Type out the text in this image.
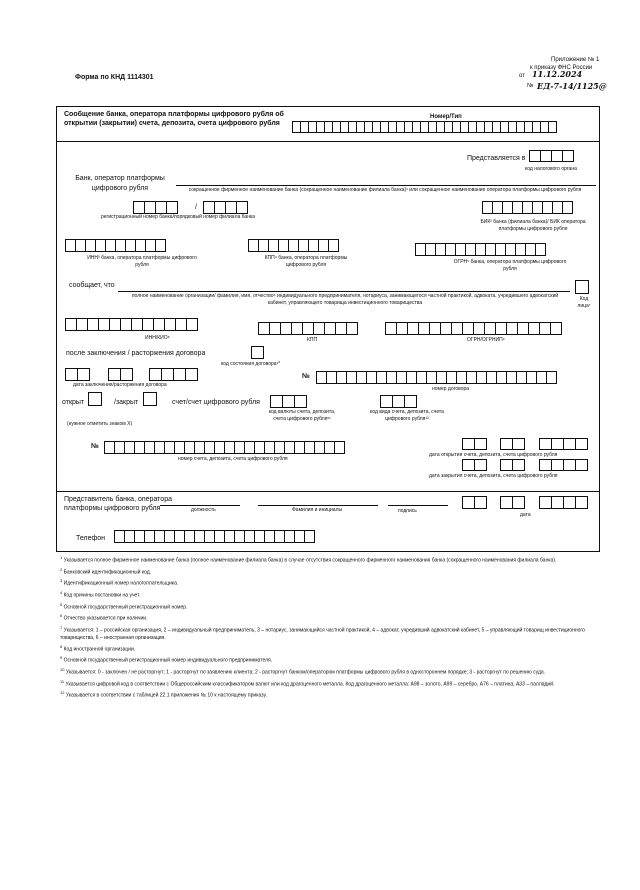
Форма по КНД 1114301
Приложение № 1
к приказу ФНС России
от 11.12.2024
№ ЕД-7-14/1125@
Сообщение банка, оператора платформы цифрового рубля об открытии (закрытии) счета, депозита, счета цифрового рубля
Номер/Тип
Представляется в
код налогового органа
Банк, оператор платформы цифрового рубля	сокращенное фирменное наименование банка (сокращенное наименование филиала банка)¹ или сокращенное наименование оператора платформы цифрового рубля
/
регистрационный номер банка/порядковый номер филиала банка
БИК² банка (филиала банка)/ БИК оператора платформы цифрового рубля
ИНН³ банка, оператора платформы цифрового рубля
КПП⁴ банка, оператора платформы цифрового рубля	ОГРН⁵ банка, оператора платформы цифрового рубля
сообщает, что
полное наименование организации/ фамилия, имя, отчество⁶ индивидуального предпринимателя, нотариуса, занимающегося частной практикой, адвоката, учредившего адвокатский кабинет, управляющего товарища инвестиционного товарищества
Код лица⁷
ИНН/КИО⁸	КПП	ОГРН/ОГРНИП⁹
после заключения / расторжения договора
код состояния договора¹⁰
дата заключения/расторжения договора
№
номер договора
открыт	/закрыт
(нужное отметить знаком Х)
счет/счет цифрового рубля
код валюты счета, депозита, счета цифрового рубля¹¹
код вида счета, депозита, счета цифрового рубля¹²
№
номер счета, депозита, счета цифрового рубля
дата открытия счета, депозита, счета цифрового рубля
дата закрытия счета, депозита, счета цифрового рубля
Представитель банка, оператора платформы цифрового рубля	должность	Фамилия и инициалы	подпись
дата
Телефон
$^1$ Указывается полное фирменное наименование банка (полное наименование филиала банка) в случае отсутствия сокращенного фирменного наименования банка (сокращенного наименования филиала банка).
$^2$ Банковский идентификационный код.
$^3$ Идентификационный номер налогоплательщика.
$^4$ Код причины постановки на учет.
$^5$ Основной государственный регистрационный номер.
$^6$ Отчество указывается при наличии.
$^7$ Указывается: 1 – российская организация, 2 – индивидуальный предприниматель, 3 – нотариус, занимающийся частной практикой, 4 – адвокат, учредивший адвокатский кабинет, 5 – управляющий товарищ инвестиционного товарищества, 6 – иностранная организация.
$^8$ Код иностранной организации.
$^9$ Основной государственный регистрационный номер индивидуального предпринимателя.
$^{10}$ Указывается: 0 - заключен / не расторгнут; 1 - расторгнут по заявлению клиента; 2 - расторгнут банком/оператором платформы цифрового рубля в одностороннем порядке; 3 - расторгнут по решению суда.
$^{11}$ Указывается цифровой код в соответствии с Общероссийским классификатором валют или код драгоценного металла. Код драгоценного металла: А98 – золото, А99 – серебро, А76 – платина, А33 – палладий.
$^{12}$ Указывается в соответствии с таблицей 22.1 приложения № 10 к настоящему приказу.
